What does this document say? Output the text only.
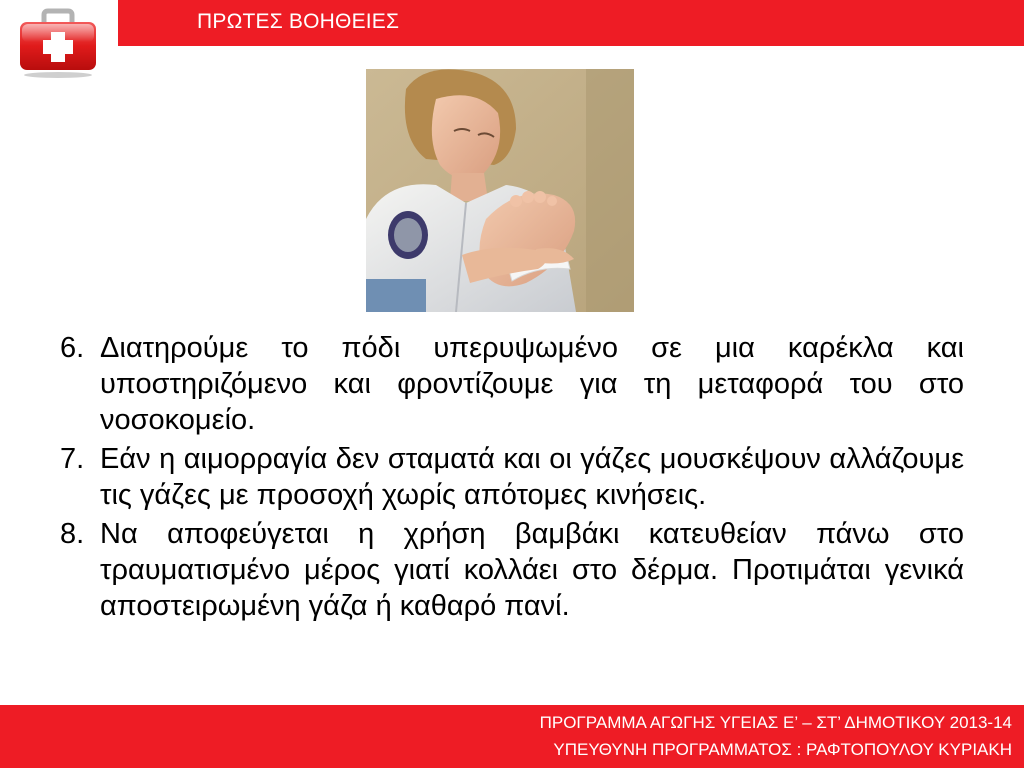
ΠΡΩΤΕΣ ΒΟΗΘΕΙΕΣ
6. Διατηρούμε το πόδι υπερυψωμένο σε μια καρέκλα και υποστηριζόμενο και φροντίζουμε για τη μεταφορά του στο νοσοκομείο.
7. Εάν η αιμορραγία δεν σταματά και οι γάζες μουσκέψουν αλλάζουμε τις γάζες με προσοχή χωρίς απότομες κινήσεις.
8. Να αποφεύγεται η χρήση βαμβάκι κατευθείαν πάνω στο τραυματισμένο μέρος γιατί κολλάει στο δέρμα. Προτιμάται γενικά αποστειρωμένη γάζα ή καθαρό πανί.
ΠΡΟΓΡΑΜΜΑ ΑΓΩΓΗΣ ΥΓΕΙΑΣ Ε’ – ΣΤ’ ΔΗΜΟΤΙΚΟΥ 2013-14
ΥΠΕΥΘΥΝΗ ΠΡΟΓΡΑΜΜΑΤΟΣ : ΡΑΦΤΟΠΟΥΛΟΥ ΚΥΡΙΑΚΗ
